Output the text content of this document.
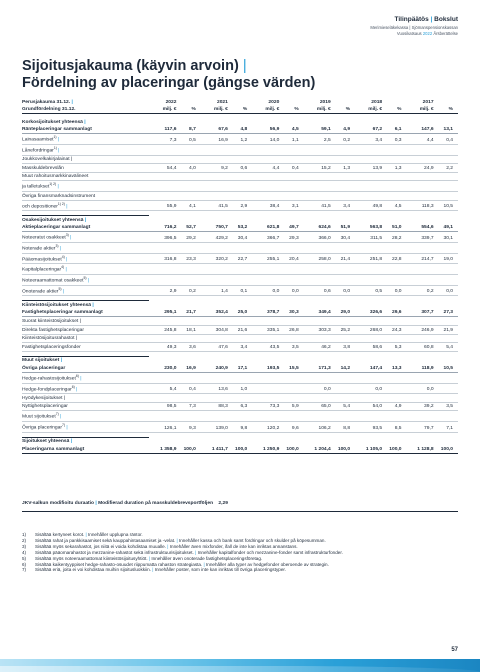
Tilinpäätös | Bokslut
Merimieseläkekassa | Sjömanspensionskassan
Vuosikatsaus 2022 Årsberättelse
Sijoitusjakauma (käyvin arvoin) |
Fördelning av placeringar (gängse värden)
Perusjakauma 31.12. |	2022		2021		2020		2019		2018		2017	
Grundfördelning 31.12.	milj. €	%	milj. €	%	milj. €	%	milj. €	%	milj. €	%	milj. €	%

Korkosijoitukset yhteensä |												
Ränteplaceringar sammanlagt	117,6	8,7	67,6	4,8	56,9	4,5	59,1	4,9	67,2	6,1	147,6	13,1
Lainasaamiset$^{1)}$ |	7,3	0,5	16,9	1,2	14,0	1,1	2,5	0,2	3,4	0,3	4,4	0,4
Lånefordringar$^{1)}$ |												
Joukkovelkakirjalainat |												
Masskuldebrevslån	54,4	4,0	9,2	0,6	4,4	0,4	15,2	1,3	13,9	1,3	24,9	2,2
Muut rahoitusmarkkinavälineet												
ja talletukset$^{1) 2)}$ |												
Övriga finansmarknadsinstrument												
och depositioner$^{1) 2)}$ |	55,9	4,1	41,5	2,9	38,4	3,1	41,5	3,4	49,8	4,5	118,3	10,5

Osakesijoitukset yhteensä |												
Aktieplaceringar sammanlagt	716,2	52,7	750,7	53,2	621,8	49,7	624,6	51,9	563,8	51,0	554,6	49,1
Noteeratut osakkeet$^{3)}$ |	396,5	29,2	429,2	30,4	366,7	29,3	366,0	30,4	311,5	28,2	339,7	30,1
Noterade aktier$^{3)}$ |												
Pääomasijoitukset$^{4)}$ |	316,8	23,3	320,2	22,7	255,1	20,4	258,0	21,4	251,8	22,8	214,7	19,0
Kapitalplaceringar$^{4)}$ |												
Noteeraamattomat osakkeet$^{5)}$ |												
Onoterade aktier$^{5)}$ |	2,9	0,2	1,4	0,1	0,0	0,0	0,6	0,0	0,5	0,0	0,2	0,0

Kiinteistösijoitukset yhteensä |												
Fastighetsplaceringar sammanlagt	295,1	21,7	352,4	25,0	378,7	30,3	349,4	29,0	326,6	29,6	307,7	27,3
Suorat kiinteistösijoitukset |												
Direkta fastighetsplaceringar	245,8	18,1	304,8	21,6	335,1	26,8	303,3	25,2	268,0	24,3	246,9	21,9
Kiinteistösijoitusrahastot |												
Fastighetsplaceringsfonder	49,3	3,6	47,6	3,4	43,5	3,5	46,2	3,8	58,6	5,3	60,8	5,4

Muut sijoitukset |												
Övriga placeringar	230,0	16,9	240,9	17,1	193,5	15,5	171,3	14,2	147,4	13,3	118,9	10,5
Hedge-rahastosijoitukset$^{6)}$ |												
Hedge-fondplaceringar$^{6)}$ |	5,4	0,4	13,6	1,0			0,0		0,0		0,0	
Hyödykesijoitukset |												
Nyttighetsplaceringar	98,5	7,3	88,3	6,3	73,3	5,9	65,0	5,4	54,0	4,9	39,2	3,5
Muut sijoitukset$^{7)}$ |												
Övriga placeringar$^{7)}$ |	126,1	9,3	139,0	9,8	120,2	9,6	106,2	8,8	93,5	8,5	79,7	7,1

Sijoitukset yhteensä |												
Placeringarna sammanlagt	1 358,9	100,0	1 411,7	100,0	1 250,9	100,0	1 204,4	100,0	1 105,0	100,0	1 128,8	100,0
JKV-salkun modifioitu duraatio | Modifierad duration på masskuldebrevsportföljen 2,29
1)	Sisältää kertyneet korot. | Innehåller upplupna räntor.
2)	Sisältää rahat ja pankkisaamiset sekä kauppahintasaamiset ja -velat. | Innehåller kassa och bank samt fordringar och skulder på köpesumman.
3)	Sisältää myös sekarahastot, jos niitä ei voida kohdistaa muualle. | Innehåller även mixfonder, ifall de inte kan inriktas annanstans.
4)	Sisältää pääomarahastot ja mezzanine-rahastot sekä infrastruktuurisijoitukset. | Innehåller kapitalfonder och mezzanine-fonder samt infrastrukturfonder.
5)	Sisältää myös noteeraamattomat kiinteistösijoitusyhtiöt. | Innehåller även onoterade fastighetsplaceringsföretag.
6)	Sisältää kaikentyyppiset hedge-rahasto-osuudet riippumatta rahaston strategiasta. | Innehåller alla typer av hedgefonder oberoende av strategin.
7)	Sisältää eriä, joita ei voi kohdistaa muihin sijoitusluokkiin. | Innehåller poster, som inte kan inriktas till övriga placeringstyper.
57
